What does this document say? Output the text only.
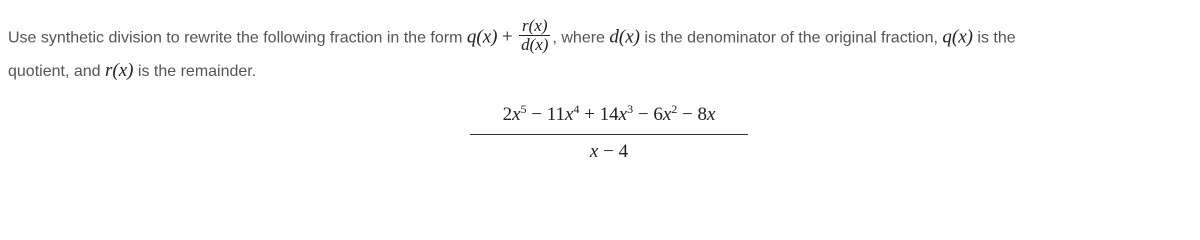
Use synthetic division to rewrite the following fraction in the form $q(x) + \frac{r(x)}{d(x)}$ , where d(x) is the denominator of the original fraction, q(x) is the
quotient, and r(x) is the remainder.
$\frac{2x^5 - 11x^4 + 14x^3 - 6x^2 - 8x}{x - 4}$
